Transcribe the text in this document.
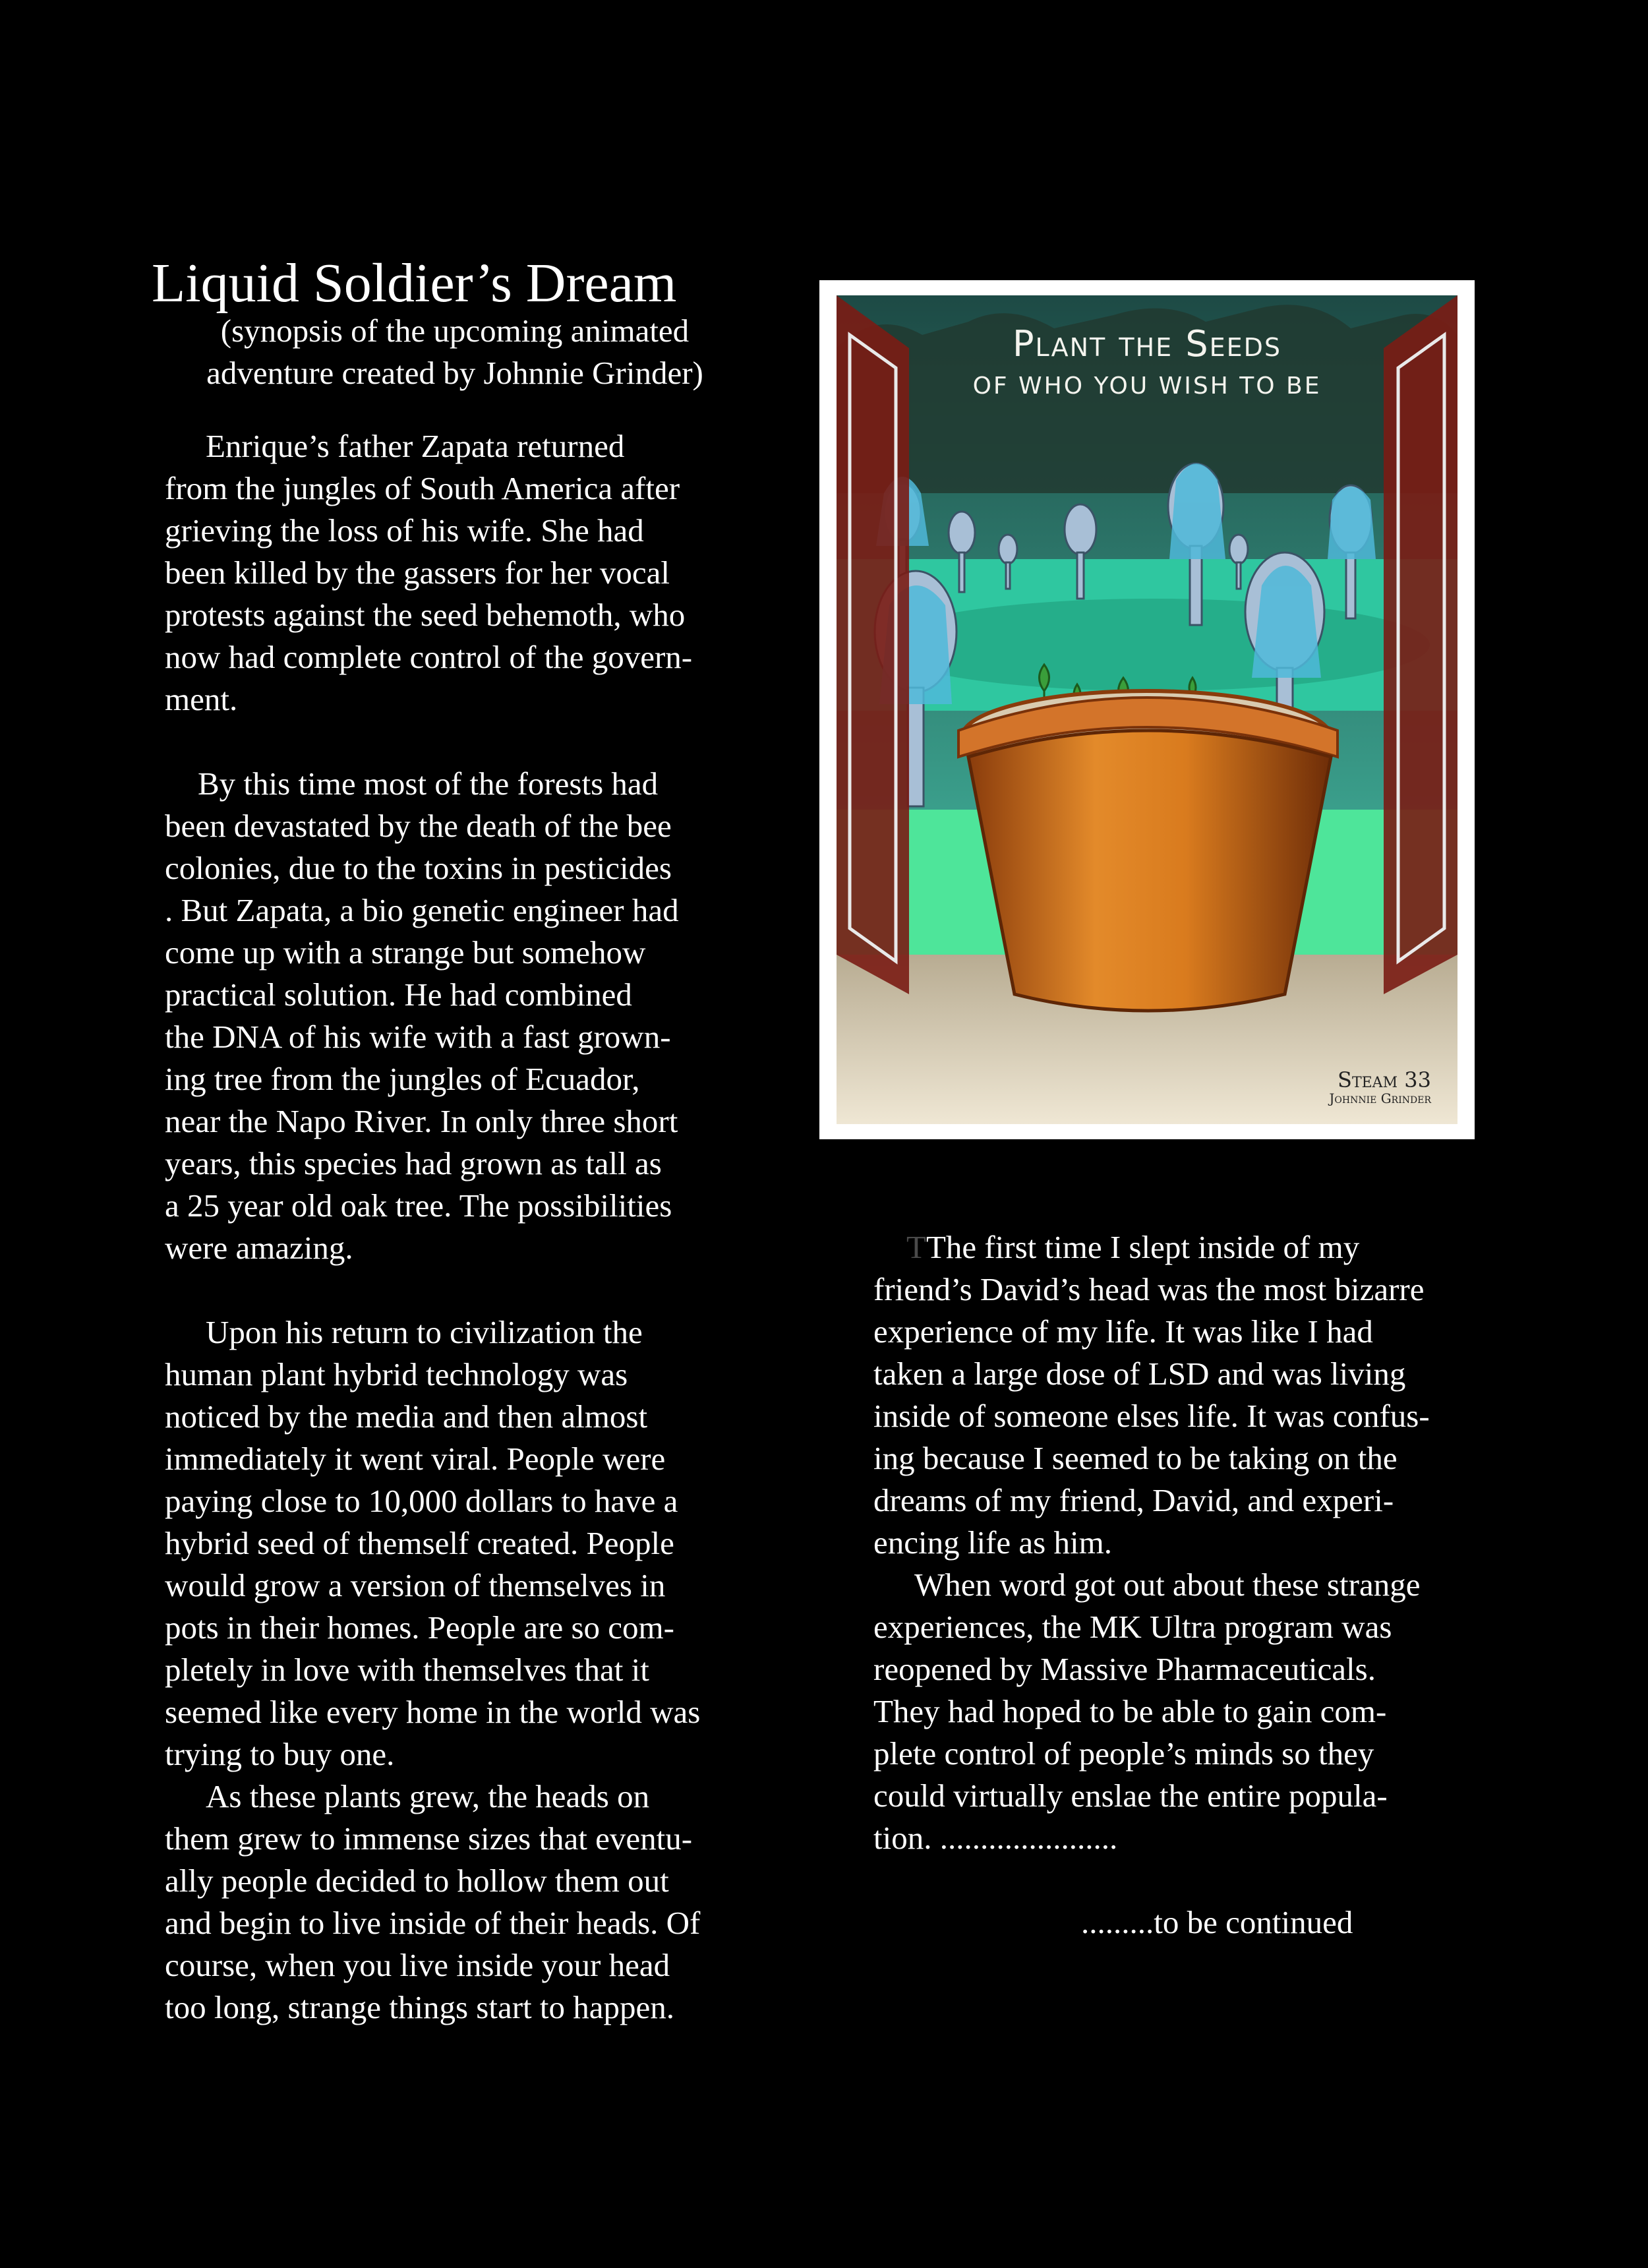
Liquid Soldier’s Dream
(synopsis of the upcoming animated
adventure created by Johnnie Grinder)

Enrique’s father Zapata returned
from the jungles of South America after
grieving the loss of his wife. She had
been killed by the gassers for her vocal
protests against the seed behemoth, who
now had complete control of the govern-
ment.

By this time most of the forests had
been devastated by the death of the bee
colonies, due to the toxins in pesticides
. But Zapata, a bio genetic engineer had
come up with a strange but somehow
practical solution. He had combined
the DNA of his wife with a fast grown-
ing tree from the jungles of Ecuador,
near the Napo River. In only three short
years, this species had grown as tall as
a 25 year old oak tree. The possibilities
were amazing.

Upon his return to civilization the
human plant hybrid technology was
noticed by the media and then almost
immediately it went viral. People were
paying close to 10,000 dollars to have a
hybrid seed of themself created. People
would grow a version of themselves in
pots in their homes. People are so com-
pletely in love with themselves that it
seemed like every home in the world was
trying to buy one.

As these plants grew, the heads on
them grew to immense sizes that eventu-
ally people decided to hollow them out
and begin to live inside of their heads. Of
course, when you live inside your head
too long, strange things start to happen.

Plant the Seeds
OF WHO YOU WISH TO BE
Steam 33
Johnnie Grinder

TThe first time I slept inside of my
friend’s David’s head was the most bizarre
experience of my life. It was like I had
taken a large dose of LSD and was living
inside of someone elses life. It was confus-
ing because I seemed to be taking on the
dreams of my friend, David, and experi-
encing life as him.

When word got out about these strange
experiences, the MK Ultra program was
reopened by Massive Pharmaceuticals.
They had hoped to be able to gain com-
plete control of people’s minds so they
could virtually enslae the entire popula-
tion. ......................

.........to be continued
